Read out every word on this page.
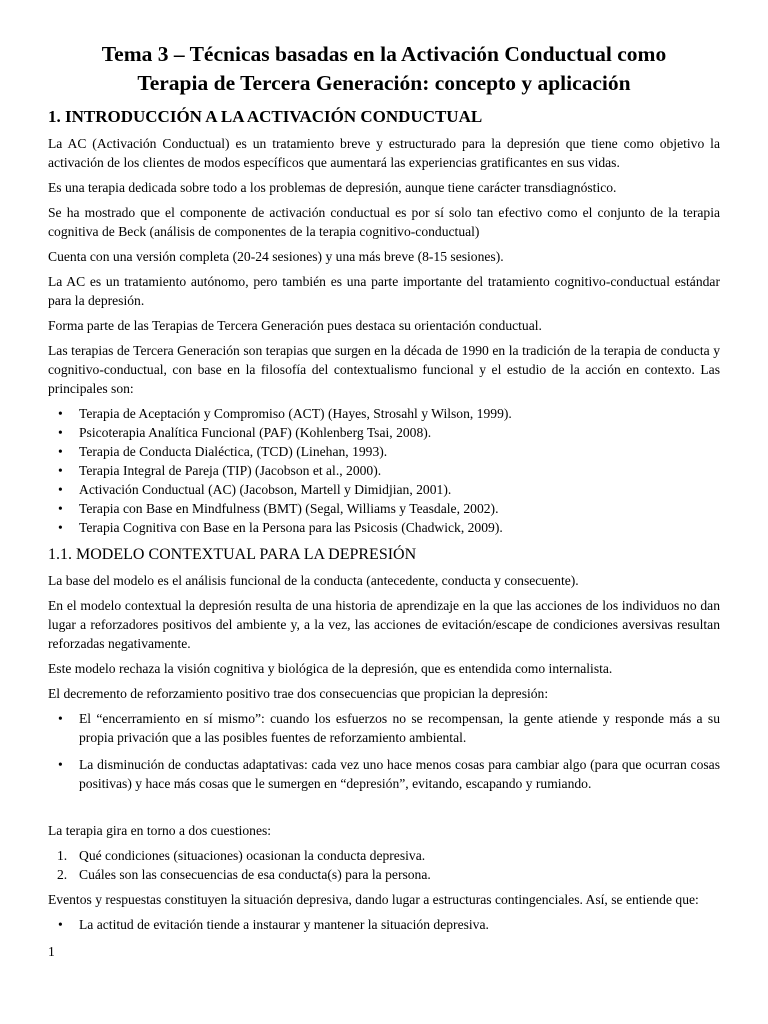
Tema 3 – Técnicas basadas en la Activación Conductual como
Terapia de Tercera Generación: concepto y aplicación
1. INTRODUCCIÓN A LA ACTIVACIÓN CONDUCTUAL

La AC (Activación Conductual) es un tratamiento breve y estructurado para la depresión que tiene como objetivo la activación de los clientes de modos específicos que aumentará las experiencias gratificantes en sus vidas.

Es una terapia dedicada sobre todo a los problemas de depresión, aunque tiene carácter transdiagnóstico.

Se ha mostrado que el componente de activación conductual es por sí solo tan efectivo como el conjunto de la terapia cognitiva de Beck (análisis de componentes de la terapia cognitivo-conductual)

Cuenta con una versión completa (20-24 sesiones) y una más breve (8-15 sesiones).

La AC es un tratamiento autónomo, pero también es una parte importante del tratamiento cognitivo-conductual estándar para la depresión.

Forma parte de las Terapias de Tercera Generación pues destaca su orientación conductual.

Las terapias de Tercera Generación son terapias que surgen en la década de 1990 en la tradición de la terapia de conducta y cognitivo-conductual, con base en la filosofía del contextualismo funcional y el estudio de la acción en contexto. Las principales son:

• Terapia de Aceptación y Compromiso (ACT) (Hayes, Strosahl y Wilson, 1999).
• Psicoterapia Analítica Funcional (PAF) (Kohlenberg Tsai, 2008).
• Terapia de Conducta Dialéctica, (TCD) (Linehan, 1993).
• Terapia Integral de Pareja (TIP) (Jacobson et al., 2000).
• Activación Conductual (AC) (Jacobson, Martell y Dimidjian, 2001).
• Terapia con Base en Mindfulness (BMT) (Segal, Williams y Teasdale, 2002).
• Terapia Cognitiva con Base en la Persona para las Psicosis (Chadwick, 2009).
1.1. MODELO CONTEXTUAL PARA LA DEPRESIÓN

La base del modelo es el análisis funcional de la conducta (antecedente, conducta y consecuente).

En el modelo contextual la depresión resulta de una historia de aprendizaje en la que las acciones de los individuos no dan lugar a reforzadores positivos del ambiente y, a la vez, las acciones de evitación/escape de condiciones aversivas resultan reforzadas negativamente.

Este modelo rechaza la visión cognitiva y biológica de la depresión, que es entendida como internalista.

El decremento de reforzamiento positivo trae dos consecuencias que propician la depresión:

• El “encerramiento en sí mismo”: cuando los esfuerzos no se recompensan, la gente atiende y responde más a su propia privación que a las posibles fuentes de reforzamiento ambiental.
• La disminución de conductas adaptativas: cada vez uno hace menos cosas para cambiar algo (para que ocurran cosas positivas) y hace más cosas que le sumergen en “depresión”, evitando, escapando y rumiando.

La terapia gira en torno a dos cuestiones:

1. Qué condiciones (situaciones) ocasionan la conducta depresiva.
2. Cuáles son las consecuencias de esa conducta(s) para la persona.

Eventos y respuestas constituyen la situación depresiva, dando lugar a estructuras contingenciales. Así, se entiende que:

• La actitud de evitación tiende a instaurar y mantener la situación depresiva.
1
